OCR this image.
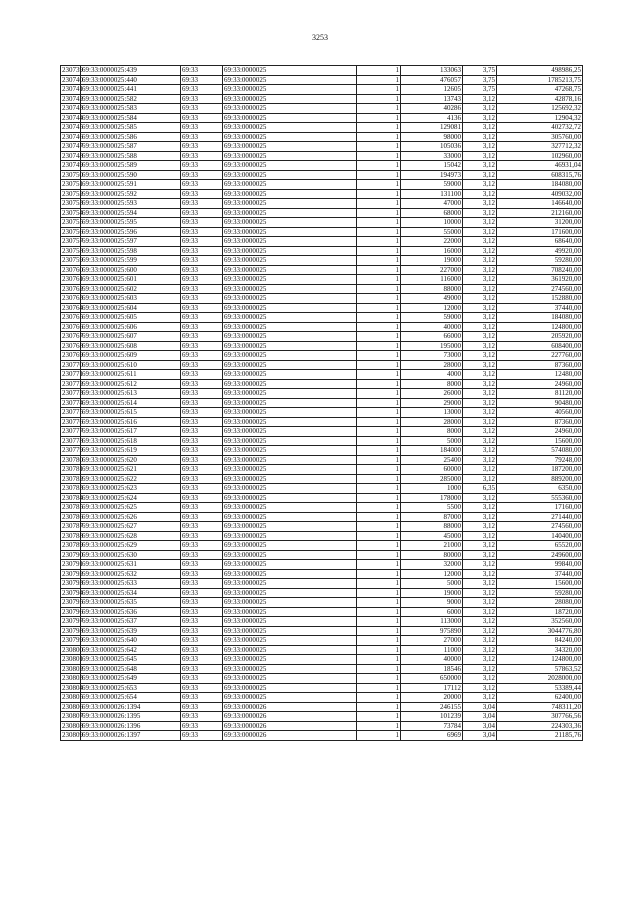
3253
230739	69:33:0000025:439	69:33	69:33:0000025	1	133063	3,75	498986,25
230740	69:33:0000025:440	69:33	69:33:0000025	1	476057	3,75	1785213,75
230741	69:33:0000025:441	69:33	69:33:0000025	1	12605	3,75	47268,75
230742	69:33:0000025:582	69:33	69:33:0000025	1	13743	3,12	42878,16
230743	69:33:0000025:583	69:33	69:33:0000025	1	40286	3,12	125692,32
230744	69:33:0000025:584	69:33	69:33:0000025	1	4136	3,12	12904,32
230745	69:33:0000025:585	69:33	69:33:0000025	1	129081	3,12	402732,72
230746	69:33:0000025:586	69:33	69:33:0000025	1	98000	3,12	305760,00
230747	69:33:0000025:587	69:33	69:33:0000025	1	105036	3,12	327712,32
230748	69:33:0000025:588	69:33	69:33:0000025	1	33000	3,12	102960,00
230749	69:33:0000025:589	69:33	69:33:0000025	1	15042	3,12	46931,04
230750	69:33:0000025:590	69:33	69:33:0000025	1	194973	3,12	608315,76
230751	69:33:0000025:591	69:33	69:33:0000025	1	59000	3,12	184080,00
230752	69:33:0000025:592	69:33	69:33:0000025	1	131100	3,12	409032,00
230753	69:33:0000025:593	69:33	69:33:0000025	1	47000	3,12	146640,00
230754	69:33:0000025:594	69:33	69:33:0000025	1	68000	3,12	212160,00
230755	69:33:0000025:595	69:33	69:33:0000025	1	10000	3,12	31200,00
230756	69:33:0000025:596	69:33	69:33:0000025	1	55000	3,12	171600,00
230757	69:33:0000025:597	69:33	69:33:0000025	1	22000	3,12	68640,00
230758	69:33:0000025:598	69:33	69:33:0000025	1	16000	3,12	49920,00
230759	69:33:0000025:599	69:33	69:33:0000025	1	19000	3,12	59280,00
230760	69:33:0000025:600	69:33	69:33:0000025	1	227000	3,12	708240,00
230761	69:33:0000025:601	69:33	69:33:0000025	1	116000	3,12	361920,00
230762	69:33:0000025:602	69:33	69:33:0000025	1	88000	3,12	274560,00
230763	69:33:0000025:603	69:33	69:33:0000025	1	49000	3,12	152880,00
230764	69:33:0000025:604	69:33	69:33:0000025	1	12000	3,12	37440,00
230765	69:33:0000025:605	69:33	69:33:0000025	1	59000	3,12	184080,00
230766	69:33:0000025:606	69:33	69:33:0000025	1	40000	3,12	124800,00
230767	69:33:0000025:607	69:33	69:33:0000025	1	66000	3,12	205920,00
230768	69:33:0000025:608	69:33	69:33:0000025	1	195000	3,12	608400,00
230769	69:33:0000025:609	69:33	69:33:0000025	1	73000	3,12	227760,00
230770	69:33:0000025:610	69:33	69:33:0000025	1	28000	3,12	87360,00
230771	69:33:0000025:611	69:33	69:33:0000025	1	4000	3,12	12480,00
230772	69:33:0000025:612	69:33	69:33:0000025	1	8000	3,12	24960,00
230773	69:33:0000025:613	69:33	69:33:0000025	1	26000	3,12	81120,00
230774	69:33:0000025:614	69:33	69:33:0000025	1	29000	3,12	90480,00
230775	69:33:0000025:615	69:33	69:33:0000025	1	13000	3,12	40560,00
230776	69:33:0000025:616	69:33	69:33:0000025	1	28000	3,12	87360,00
230777	69:33:0000025:617	69:33	69:33:0000025	1	8000	3,12	24960,00
230778	69:33:0000025:618	69:33	69:33:0000025	1	5000	3,12	15600,00
230779	69:33:0000025:619	69:33	69:33:0000025	1	184000	3,12	574080,00
230780	69:33:0000025:620	69:33	69:33:0000025	1	25400	3,12	79248,00
230781	69:33:0000025:621	69:33	69:33:0000025	1	60000	3,12	187200,00
230782	69:33:0000025:622	69:33	69:33:0000025	1	285000	3,12	889200,00
230783	69:33:0000025:623	69:33	69:33:0000025	1	1000	6,35	6350,00
230784	69:33:0000025:624	69:33	69:33:0000025	1	178000	3,12	555360,00
230785	69:33:0000025:625	69:33	69:33:0000025	1	5500	3,12	17160,00
230786	69:33:0000025:626	69:33	69:33:0000025	1	87000	3,12	271440,00
230787	69:33:0000025:627	69:33	69:33:0000025	1	88000	3,12	274560,00
230788	69:33:0000025:628	69:33	69:33:0000025	1	45000	3,12	140400,00
230789	69:33:0000025:629	69:33	69:33:0000025	1	21000	3,12	65520,00
230790	69:33:0000025:630	69:33	69:33:0000025	1	80000	3,12	249600,00
230791	69:33:0000025:631	69:33	69:33:0000025	1	32000	3,12	99840,00
230792	69:33:0000025:632	69:33	69:33:0000025	1	12000	3,12	37440,00
230793	69:33:0000025:633	69:33	69:33:0000025	1	5000	3,12	15600,00
230794	69:33:0000025:634	69:33	69:33:0000025	1	19000	3,12	59280,00
230795	69:33:0000025:635	69:33	69:33:0000025	1	9000	3,12	28080,00
230796	69:33:0000025:636	69:33	69:33:0000025	1	6000	3,12	18720,00
230797	69:33:0000025:637	69:33	69:33:0000025	1	113000	3,12	352560,00
230798	69:33:0000025:639	69:33	69:33:0000025	1	975890	3,12	3044776,80
230799	69:33:0000025:640	69:33	69:33:0000025	1	27000	3,12	84240,00
230800	69:33:0000025:642	69:33	69:33:0000025	1	11000	3,12	34320,00
230801	69:33:0000025:645	69:33	69:33:0000025	1	40000	3,12	124800,00
230802	69:33:0000025:648	69:33	69:33:0000025	1	18546	3,12	57863,52
230803	69:33:0000025:649	69:33	69:33:0000025	1	650000	3,12	2028000,00
230804	69:33:0000025:653	69:33	69:33:0000025	1	17112	3,12	53389,44
230805	69:33:0000025:654	69:33	69:33:0000025	1	20000	3,12	62400,00
230806	69:33:0000026:1394	69:33	69:33:0000026	1	246155	3,04	748311,20
230807	69:33:0000026:1395	69:33	69:33:0000026	1	101239	3,04	307766,56
230808	69:33:0000026:1396	69:33	69:33:0000026	1	73784	3,04	224303,36
230809	69:33:0000026:1397	69:33	69:33:0000026	1	6969	3,04	21185,76
